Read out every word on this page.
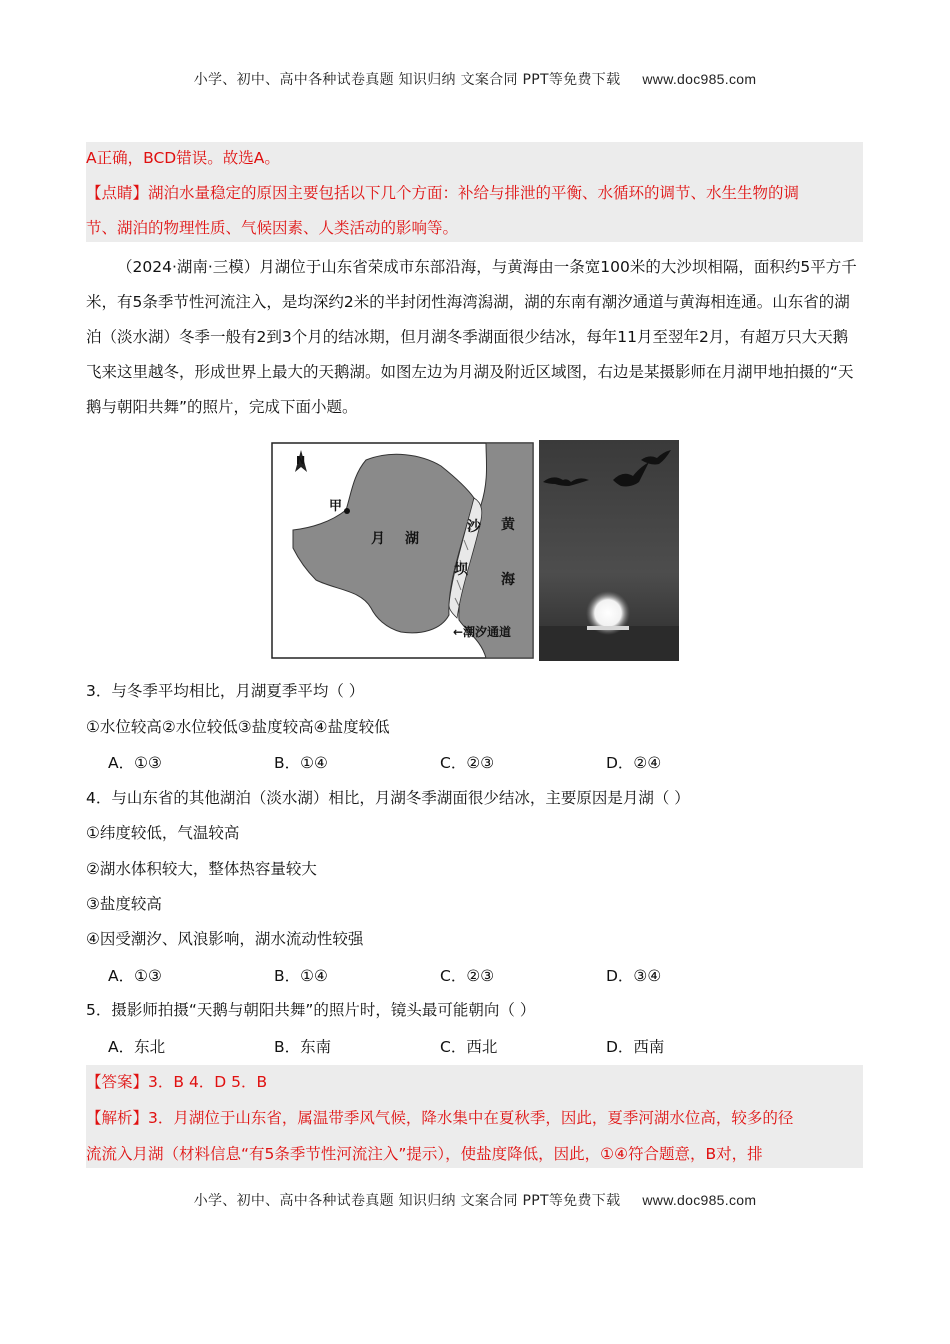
小学、初中、高中各种试卷真题 知识归纳 文案合同 PPT等免费下载 www.doc985.com
A正确，BCD错误。故选A。
【点睛】湖泊水量稳定的原因主要包括以下几个方面：补给与排泄的平衡、水循环的调节、水生生物的调
节、湖泊的物理性质、气候因素、人类活动的影响等。
（2024·湖南·三模）月湖位于山东省荣成市东部沿海，与黄海由一条宽100米的大沙坝相隔，面积约5平方千米，有5条季节性河流注入，是均深约2米的半封闭性海湾潟湖，湖的东南有潮汐通道与黄海相连通。山东省的湖泊（淡水湖）冬季一般有2到3个月的结冰期，但月湖冬季湖面很少结冰，每年11月至翌年2月，有超万只大天鹅飞来这里越冬，形成世界上最大的天鹅湖。如图左边为月湖及附近区域图，右边是某摄影师在月湖甲地拍摄的“天鹅与朝阳共舞”的照片，完成下面小题。
N
甲
月 湖
沙
坝
黄
海
←潮汐通道
3．与冬季平均相比，月湖夏季平均（ ）
①水位较高②水位较低③盐度较高④盐度较低
A．①③	B．①④	C．②③	D．②④
4．与山东省的其他湖泊（淡水湖）相比，月湖冬季湖面很少结冰，主要原因是月湖（ ）
①纬度较低，气温较高
②湖水体积较大，整体热容量较大
③盐度较高
④因受潮汐、风浪影响，湖水流动性较强
A．①③	B．①④	C．②③	D．③④
5．摄影师拍摄“天鹅与朝阳共舞”的照片时，镜头最可能朝向（ ）
A．东北	B．东南	C．西北	D．西南
【答案】3．B 4．D 5．B
【解析】3．月湖位于山东省，属温带季风气候，降水集中在夏秋季，因此，夏季河湖水位高，较多的径
流流入月湖（材料信息“有5条季节性河流注入”提示），使盐度降低，因此，①④符合题意，B对，排
小学、初中、高中各种试卷真题 知识归纳 文案合同 PPT等免费下载 www.doc985.com
